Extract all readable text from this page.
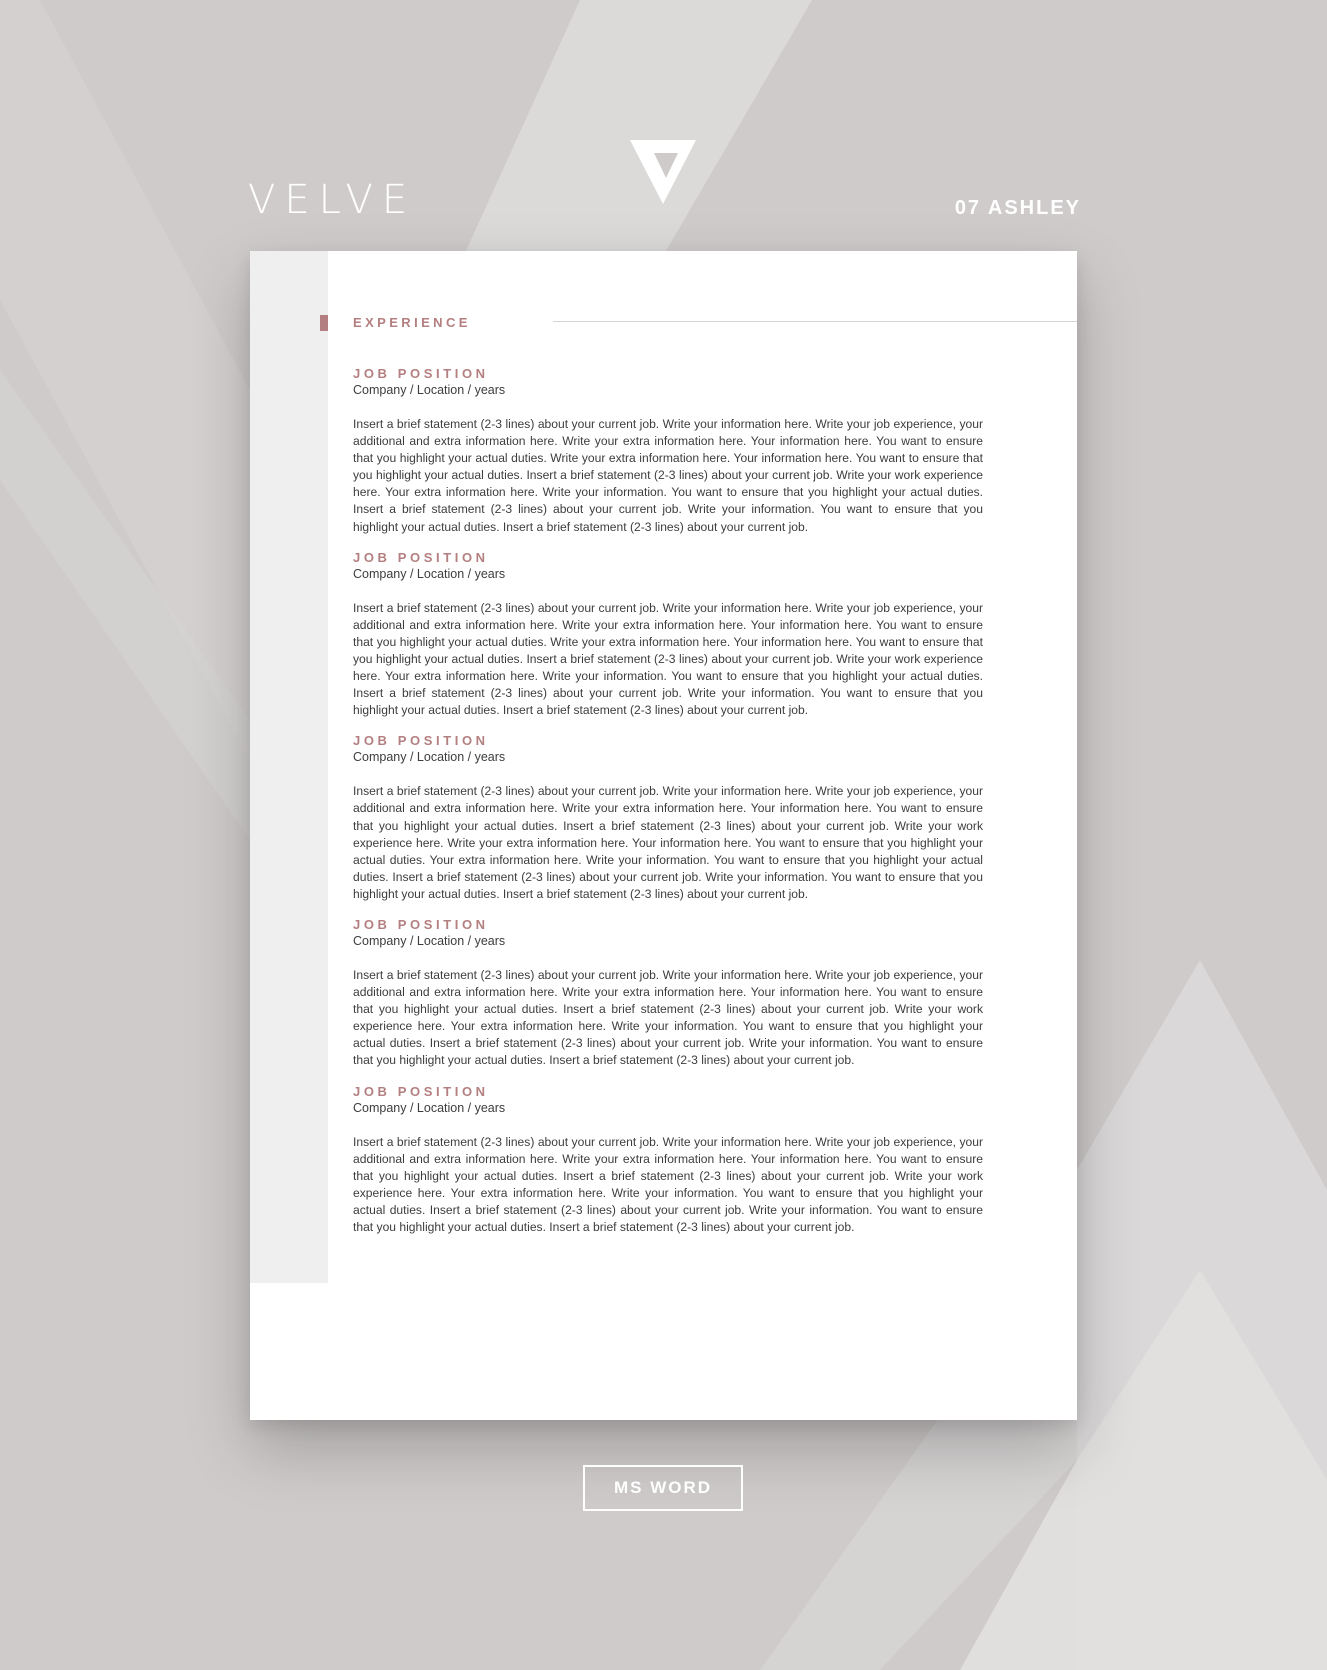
VELVE	07 ASHLEY
EXPERIENCE
JOB POSITION
Company / Location / years

Insert a brief statement (2-3 lines) about your current job. Write your information here. Write your job experience, your additional and extra information here. Write your extra information here. Your information here. You want to ensure that you highlight your actual duties. Write your extra information here. Your information here. You want to ensure that you highlight your actual duties. Insert a brief statement (2-3 lines) about your current job. Write your work experience here. Your extra information here. Write your information. You want to ensure that you highlight your actual duties. Insert a brief statement (2-3 lines) about your current job. Write your information. You want to ensure that you highlight your actual duties. Insert a brief statement (2-3 lines) about your current job.

JOB POSITION
Company / Location / years

Insert a brief statement (2-3 lines) about your current job. Write your information here. Write your job experience, your additional and extra information here. Write your extra information here. Your information here. You want to ensure that you highlight your actual duties. Write your extra information here. Your information here. You want to ensure that you highlight your actual duties. Insert a brief statement (2-3 lines) about your current job. Write your work experience here. Your extra information here. Write your information. You want to ensure that you highlight your actual duties. Insert a brief statement (2-3 lines) about your current job. Write your information. You want to ensure that you highlight your actual duties. Insert a brief statement (2-3 lines) about your current job.

JOB POSITION
Company / Location / years

Insert a brief statement (2-3 lines) about your current job. Write your information here. Write your job experience, your additional and extra information here. Write your extra information here. Your information here. You want to ensure that you highlight your actual duties. Insert a brief statement (2-3 lines) about your current job. Write your work experience here. Write your extra information here. Your information here. You want to ensure that you highlight your actual duties. Your extra information here. Write your information. You want to ensure that you highlight your actual duties. Insert a brief statement (2-3 lines) about your current job. Write your information. You want to ensure that you highlight your actual duties. Insert a brief statement (2-3 lines) about your current job.

JOB POSITION
Company / Location / years

Insert a brief statement (2-3 lines) about your current job. Write your information here. Write your job experience, your additional and extra information here. Write your extra information here. Your information here. You want to ensure that you highlight your actual duties. Insert a brief statement (2-3 lines) about your current job. Write your work experience here. Your extra information here. Write your information. You want to ensure that you highlight your actual duties. Insert a brief statement (2-3 lines) about your current job. Write your information. You want to ensure that you highlight your actual duties. Insert a brief statement (2-3 lines) about your current job.

JOB POSITION
Company / Location / years

Insert a brief statement (2-3 lines) about your current job. Write your information here. Write your job experience, your additional and extra information here. Write your extra information here. Your information here. You want to ensure that you highlight your actual duties. Insert a brief statement (2-3 lines) about your current job. Write your work experience here. Your extra information here. Write your information. You want to ensure that you highlight your actual duties. Insert a brief statement (2-3 lines) about your current job. Write your information. You want to ensure that you highlight your actual duties. Insert a brief statement (2-3 lines) about your current job.

MS WORD
